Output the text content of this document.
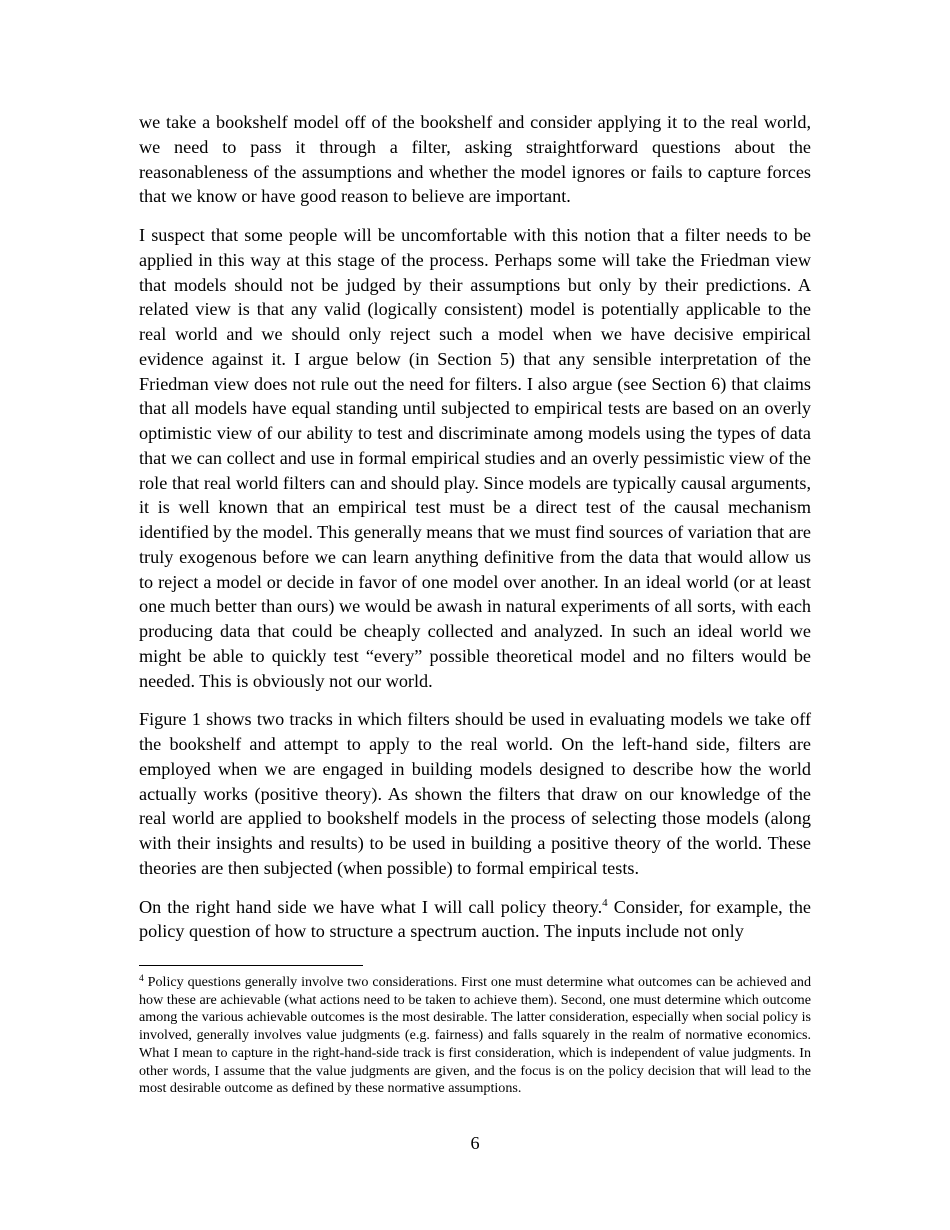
we take a bookshelf model off of the bookshelf and consider applying it to the real world, we need to pass it through a filter, asking straightforward questions about the reasonableness of the assumptions and whether the model ignores or fails to capture forces that we know or have good reason to believe are important.

I suspect that some people will be uncomfortable with this notion that a filter needs to be applied in this way at this stage of the process. Perhaps some will take the Friedman view that models should not be judged by their assumptions but only by their predictions. A related view is that any valid (logically consistent) model is potentially applicable to the real world and we should only reject such a model when we have decisive empirical evidence against it. I argue below (in Section 5) that any sensible interpretation of the Friedman view does not rule out the need for filters. I also argue (see Section 6) that claims that all models have equal standing until subjected to empirical tests are based on an overly optimistic view of our ability to test and discriminate among models using the types of data that we can collect and use in formal empirical studies and an overly pessimistic view of the role that real world filters can and should play. Since models are typically causal arguments, it is well known that an empirical test must be a direct test of the causal mechanism identified by the model. This generally means that we must find sources of variation that are truly exogenous before we can learn anything definitive from the data that would allow us to reject a model or decide in favor of one model over another. In an ideal world (or at least one much better than ours) we would be awash in natural experiments of all sorts, with each producing data that could be cheaply collected and analyzed. In such an ideal world we might be able to quickly test “every” possible theoretical model and no filters would be needed. This is obviously not our world.

Figure 1 shows two tracks in which filters should be used in evaluating models we take off the bookshelf and attempt to apply to the real world. On the left-hand side, filters are employed when we are engaged in building models designed to describe how the world actually works (positive theory). As shown the filters that draw on our knowledge of the real world are applied to bookshelf models in the process of selecting those models (along with their insights and results) to be used in building a positive theory of the world. These theories are then subjected (when possible) to formal empirical tests.

On the right hand side we have what I will call policy theory.$^4$ Consider, for example, the policy question of how to structure a spectrum auction. The inputs include not only

$^4$ Policy questions generally involve two considerations. First one must determine what outcomes can be achieved and how these are achievable (what actions need to be taken to achieve them). Second, one must determine which outcome among the various achievable outcomes is the most desirable. The latter consideration, especially when social policy is involved, generally involves value judgments (e.g. fairness) and falls squarely in the realm of normative economics. What I mean to capture in the right-hand-side track is first consideration, which is independent of value judgments. In other words, I assume that the value judgments are given, and the focus is on the policy decision that will lead to the most desirable outcome as defined by these normative assumptions.

6
